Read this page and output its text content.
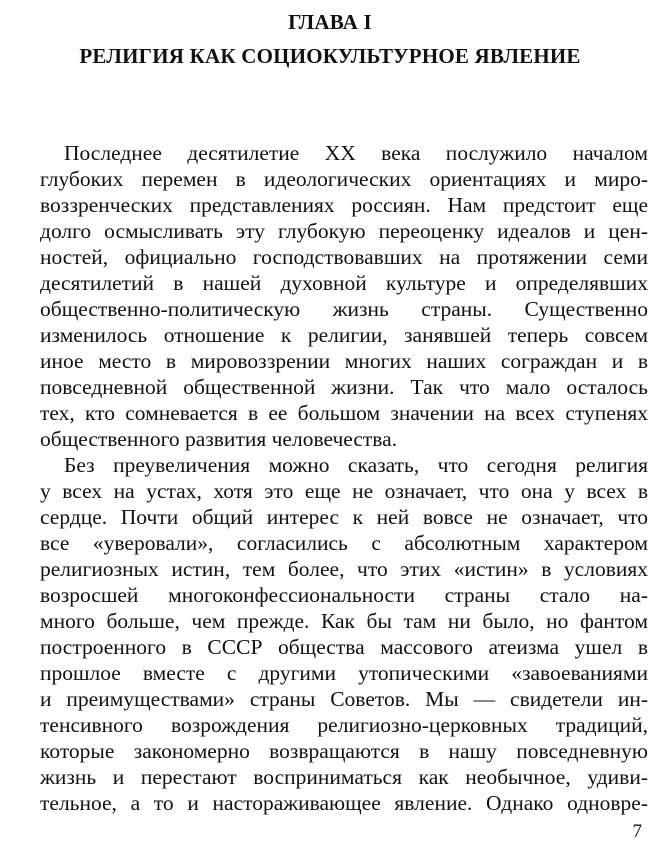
ГЛАВА I
РЕЛИГИЯ КАК СОЦИОКУЛЬТУРНОЕ ЯВЛЕНИЕ
Последнее десятилетие XX века послужило началом
глубоких перемен в идеологических ориентациях и миро-
воззренческих представлениях россиян. Нам предстоит еще
долго осмысливать эту глубокую переоценку идеалов и цен-
ностей, официально господствовавших на протяжении семи
десятилетий в нашей духовной культуре и определявших
общественно-политическую жизнь страны. Существенно
изменилось отношение к религии, занявшей теперь совсем
иное место в мировоззрении многих наших сограждан и в
повседневной общественной жизни. Так что мало осталось
тех, кто сомневается в ее большом значении на всех ступенях
общественного развития человечества.
Без преувеличения можно сказать, что сегодня религия
у всех на устах, хотя это еще не означает, что она у всех в
сердце. Почти общий интерес к ней вовсе не означает, что
все «уверовали», согласились с абсолютным характером
религиозных истин, тем более, что этих «истин» в условиях
возросшей многоконфессиональности страны стало на-
много больше, чем прежде. Как бы там ни было, но фантом
построенного в СССР общества массового атеизма ушел в
прошлое вместе с другими утопическими «завоеваниями
и преимуществами» страны Советов. Мы — свидетели ин-
тенсивного возрождения религиозно-церковных традиций,
которые закономерно возвращаются в нашу повседневную
жизнь и перестают восприниматься как необычное, удиви-
тельное, а то и настораживающее явление. Однако одновре-
7
